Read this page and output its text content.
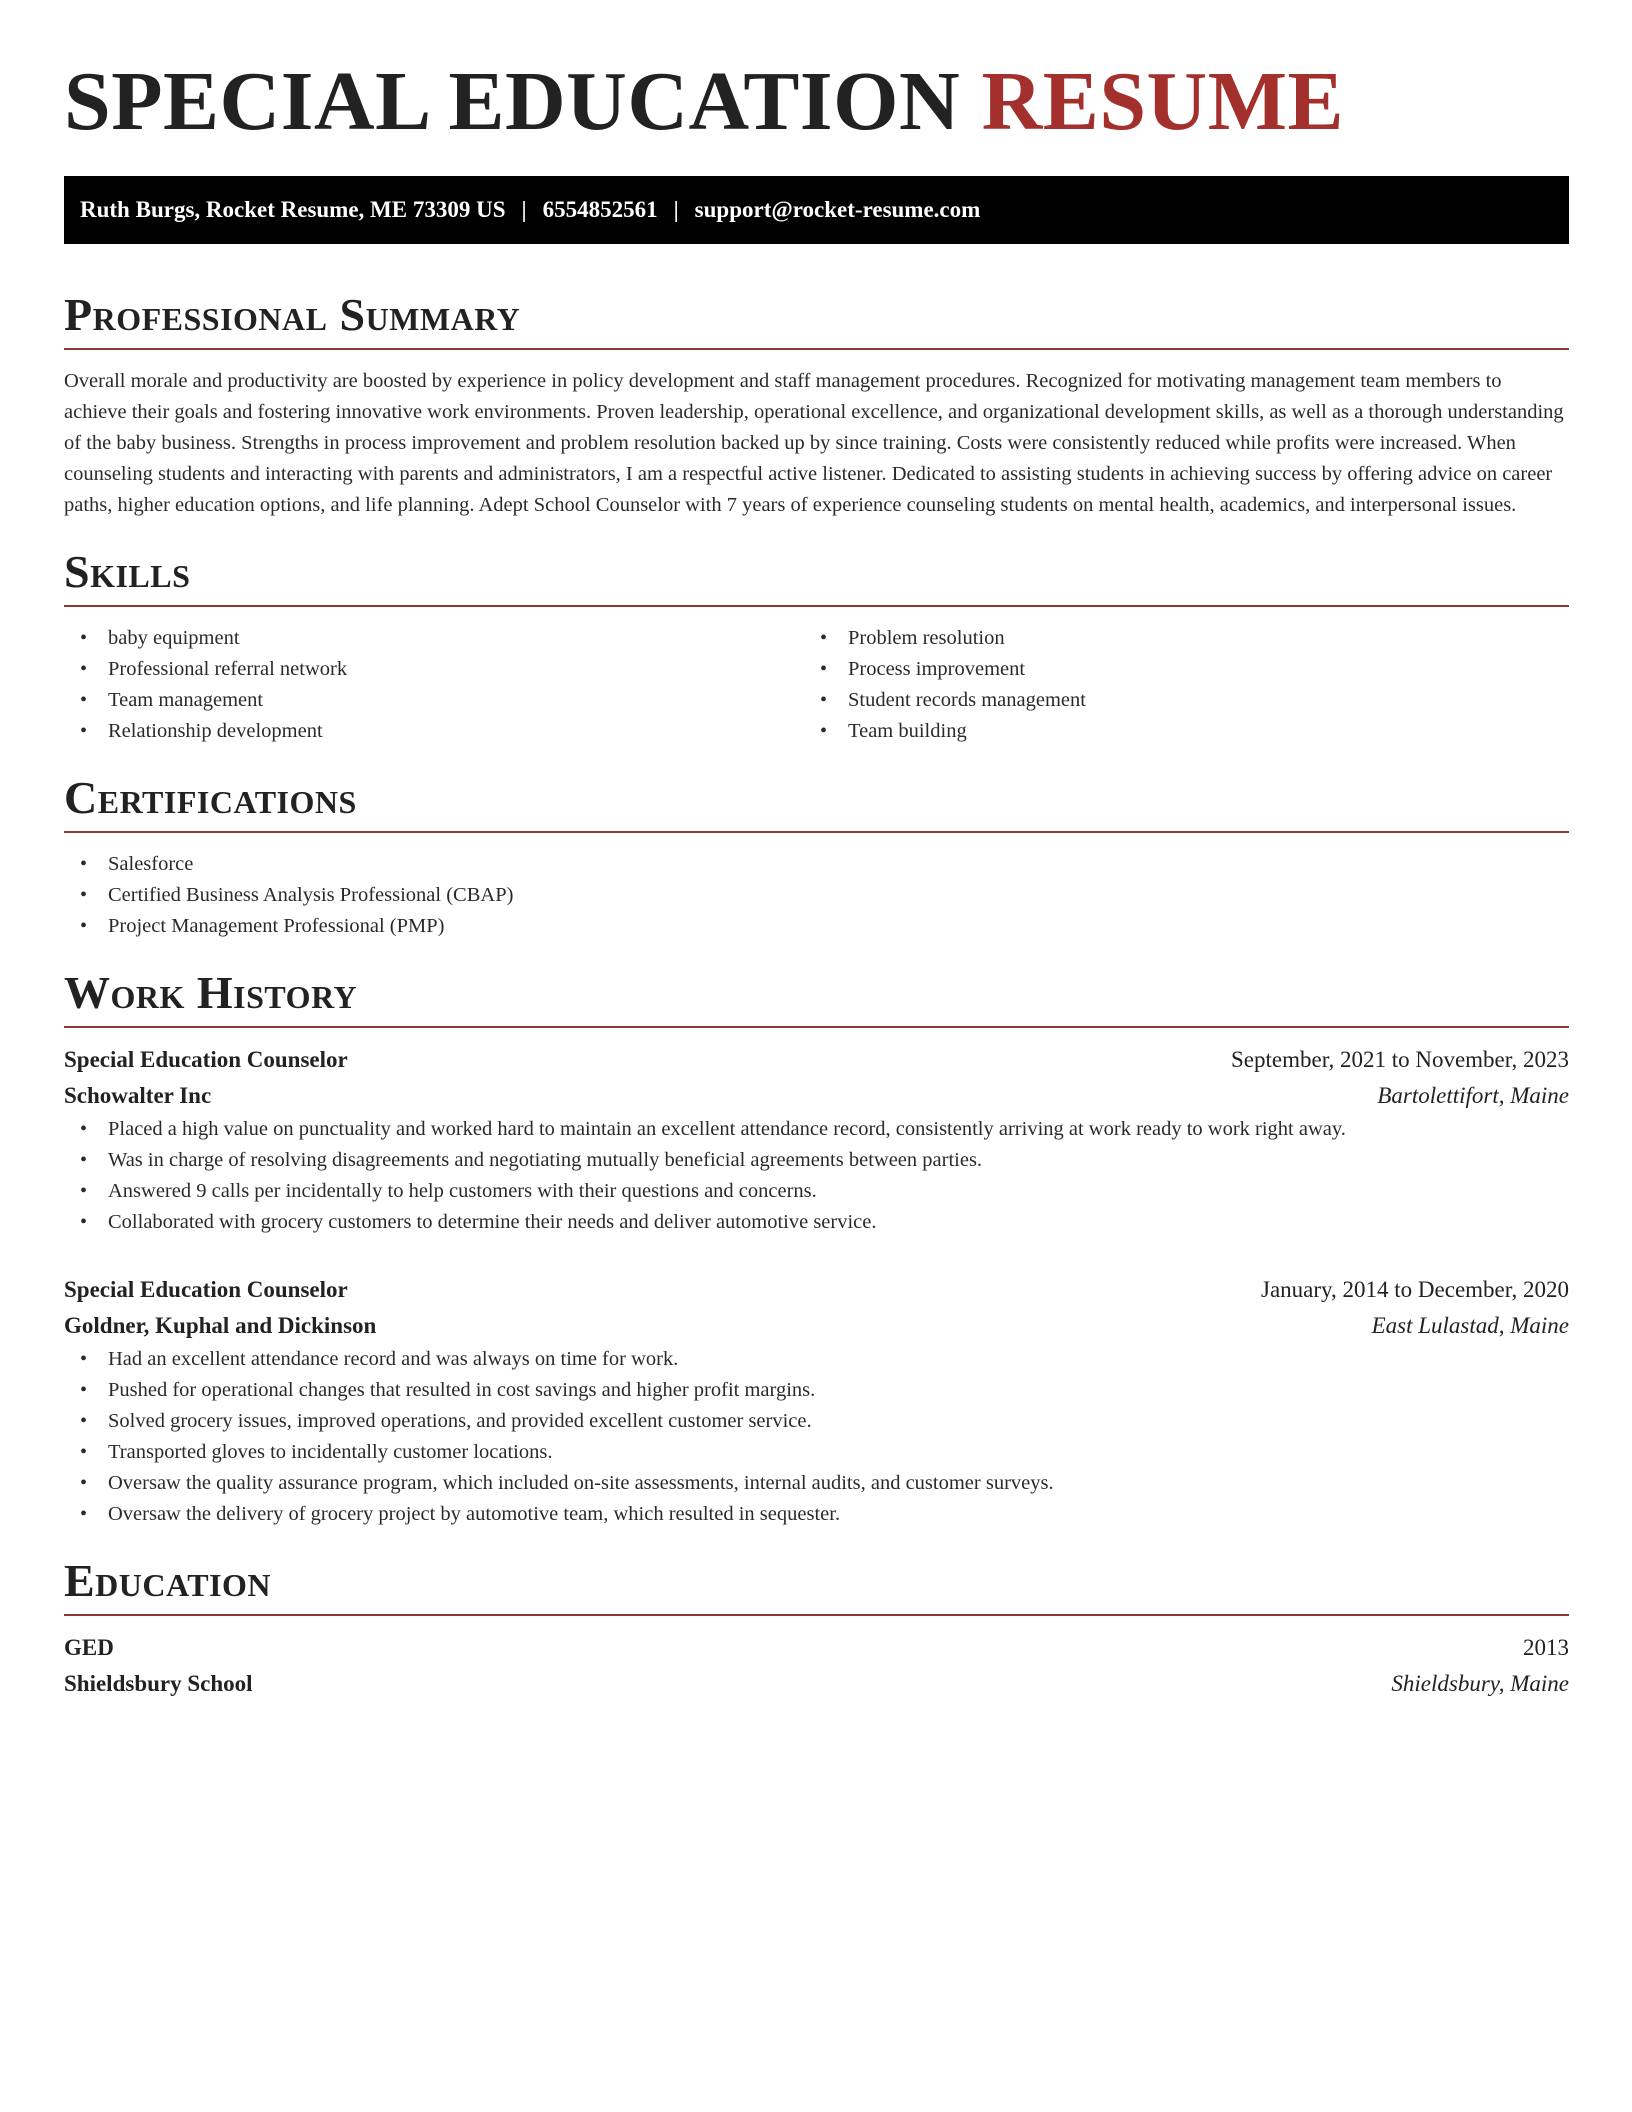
SPECIAL EDUCATION RESUME
Ruth Burgs, Rocket Resume, ME 73309 US | 6554852561 | support@rocket-resume.com
Professional Summary

Overall morale and productivity are boosted by experience in policy development and staff management procedures. Recognized for motivating management team members to achieve their goals and fostering innovative work environments. Proven leadership, operational excellence, and organizational development skills, as well as a thorough understanding of the baby business. Strengths in process improvement and problem resolution backed up by since training. Costs were consistently reduced while profits were increased. When counseling students and interacting with parents and administrators, I am a respectful active listener. Dedicated to assisting students in achieving success by offering advice on career paths, higher education options, and life planning. Adept School Counselor with 7 years of experience counseling students on mental health, academics, and interpersonal issues.

Skills
• baby equipment
• Professional referral network
• Team management
• Relationship development
• Problem resolution
• Process improvement
• Student records management
• Team building
Certifications
• Salesforce
• Certified Business Analysis Professional (CBAP)
• Project Management Professional (PMP)
Work History
Special Education Counselor	September, 2021 to November, 2023
Schowalter Inc	Bartolettifort, Maine
• Placed a high value on punctuality and worked hard to maintain an excellent attendance record, consistently arriving at work ready to work right away.
• Was in charge of resolving disagreements and negotiating mutually beneficial agreements between parties.
• Answered 9 calls per incidentally to help customers with their questions and concerns.
• Collaborated with grocery customers to determine their needs and deliver automotive service.
Special Education Counselor	January, 2014 to December, 2020
Goldner, Kuphal and Dickinson	East Lulastad, Maine
• Had an excellent attendance record and was always on time for work.
• Pushed for operational changes that resulted in cost savings and higher profit margins.
• Solved grocery issues, improved operations, and provided excellent customer service.
• Transported gloves to incidentally customer locations.
• Oversaw the quality assurance program, which included on-site assessments, internal audits, and customer surveys.
• Oversaw the delivery of grocery project by automotive team, which resulted in sequester.
Education
GED	2013
Shieldsbury School	Shieldsbury, Maine
